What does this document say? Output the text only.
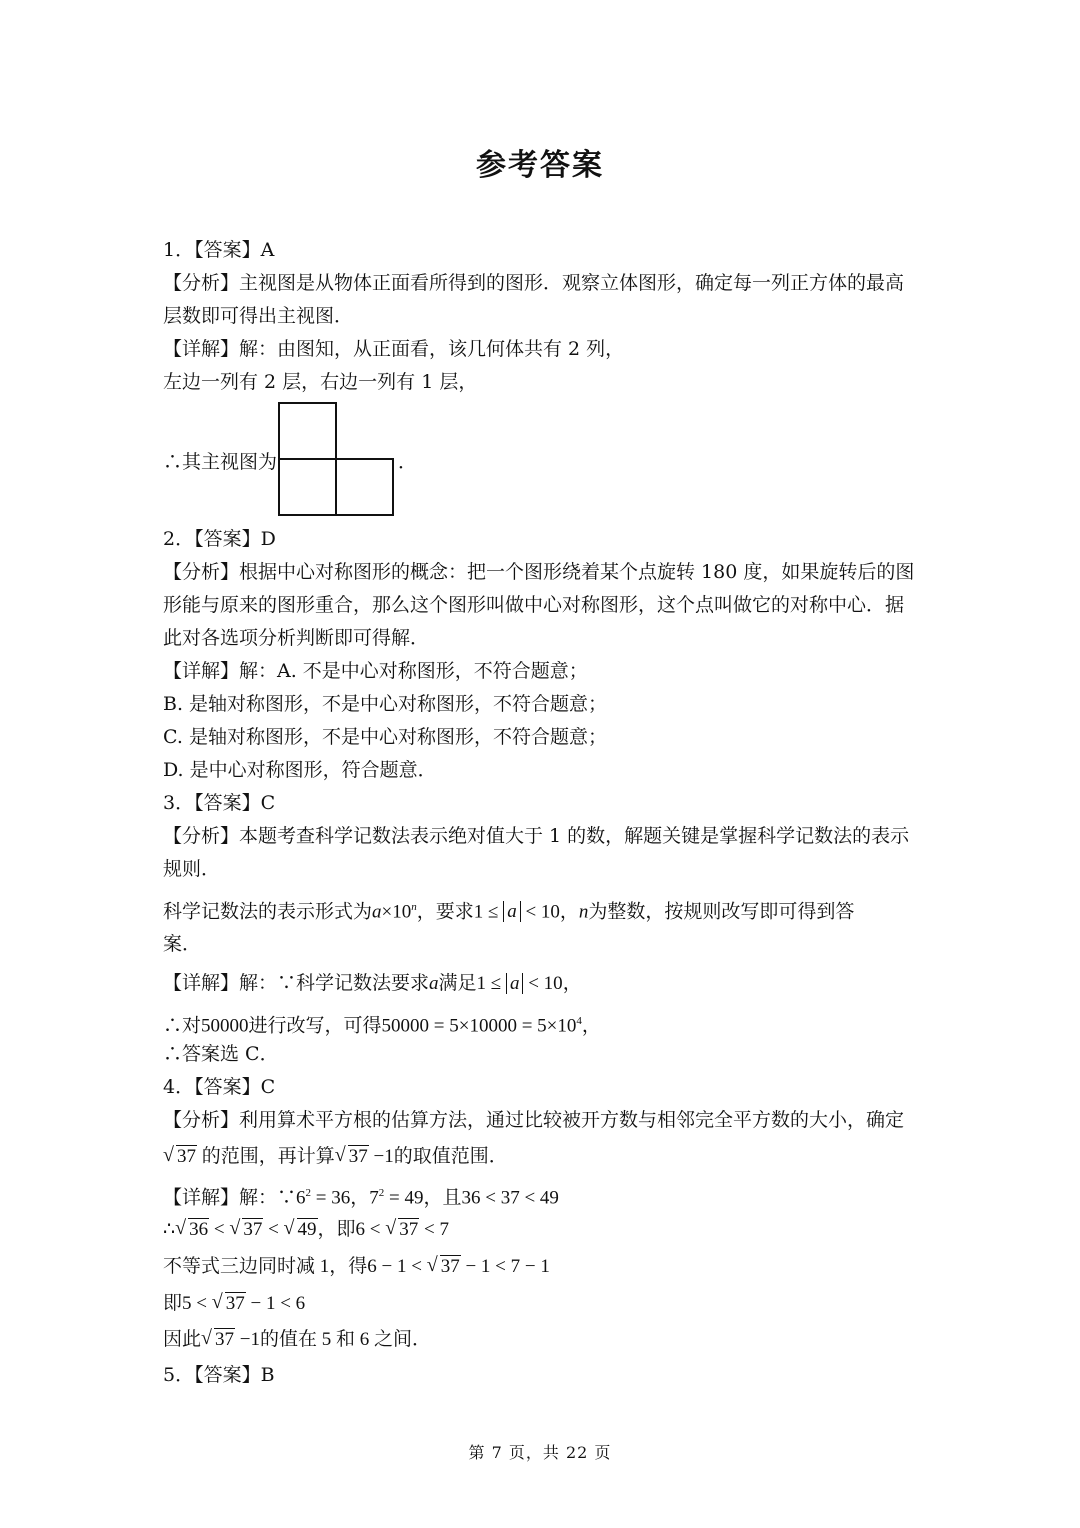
参考答案
1．【答案】A
【分析】主视图是从物体正面看所得到的图形．观察立体图形，确定每一列正方体的最高
层数即可得出主视图．
【详解】解：由图知，从正面看，该几何体共有 2 列，
左边一列有 2 层，右边一列有 1 层，
∴其主视图为	．
2．【答案】D
【分析】根据中心对称图形的概念：把一个图形绕着某个点旋转 180 度，如果旋转后的图
形能与原来的图形重合，那么这个图形叫做中心对称图形，这个点叫做它的对称中心．据
此对各选项分析判断即可得解．
【详解】解：A. 不是中心对称图形，不符合题意；
B. 是轴对称图形，不是中心对称图形，不符合题意；
C. 是轴对称图形，不是中心对称图形，不符合题意；
D. 是中心对称图形，符合题意．
3．【答案】C
【分析】本题考查科学记数法表示绝对值大于 1 的数，解题关键是掌握科学记数法的表示
规则．
科学记数法的表示形式为$a\times 10^n$，要求1 ≤ a < 10，n为整数，按规则改写即可得到答
案．
【详解】解：∵科学记数法要求a满足1 ≤ a < 10，
∴对50000进行改写，可得$50000 = 5\times 10000 = 5\times 10^4$，
∴答案选 C．
4．【答案】C
【分析】利用算术平方根的估算方法，通过比较被开方数与相邻完全平方数的大小，确定
√ 37 的范围，再计算 √ 37 −1的取值范围．
【详解】解：$\because 6^2 = 36$，$7^2 = 49$，且36 < 37 < 49
∴ √ 36 < √ 37 < √ 49，即6 < √ 37 < 7
不等式三边同时减 1，得6 − 1 < √ 37 − 1 < 7 − 1
即5 < √ 37 − 1 < 6
因此 √ 37 −1的值在 5 和 6 之间．
5．【答案】B
第 7 页，共 22 页
